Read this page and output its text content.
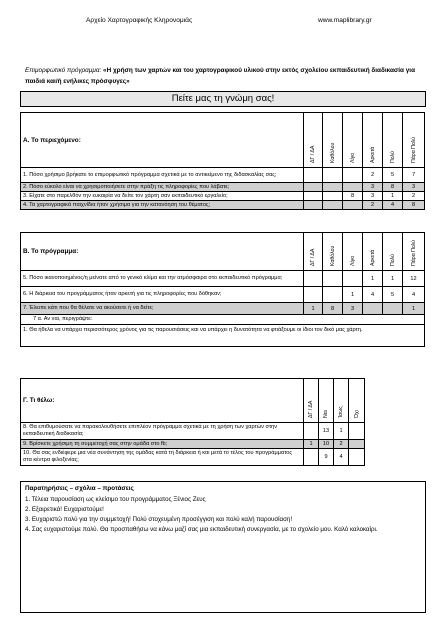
Αρχείο Χαρτογραφικής Κληρονομιάς	www.maplibrary.gr
Επιμορφωτικό πρόγραμμα: «Η χρήση των χαρτών και του χαρτογραφικού υλικού στην εκτός σχολείου εκπαιδευτική διαδικασία για παιδιά και/ή ενήλικες πρόσφυγες»
Πείτε μας τη γνώμη σας!
Α. Το περιεχόμενο:	ΔΓ / ΔΑ	Καθόλου	Λίγο	Αρκετά	Πολύ	Πάρα Πολύ

1. Πόσο χρήσιμο βρήκατε το επιμορφωτικό πρόγραμμα σχετικά με το αντικείμενο της διδασκαλίας σας;				2	5	7
2. Πόσο εύκολο είναι να χρησιμοποιήσετε στην πράξη τις πληροφορίες που λάβατε;				3	8	3
3. Είχατε στο παρελθόν την ευκαιρία να δείτε τον χάρτη σαν εκπαιδευτικό εργαλείο;			8	3	1	2
4. Τα χαρτογραφικά παιχνίδια ήταν χρήσιμα για την κατανόηση του θέματος;				2	4	8
Β. Το πρόγραμμα:	ΔΓ / ΔΑ	Καθόλου	Λίγο	Αρκετά	Πολύ	Πάρα Πολύ

5. Πόσο ικανοποιημένος/η μείνατε από το γενικό κλίμα και την ατμόσφαιρα στο εκπαιδευτικό πρόγραμμα;				1	1	12
6. Η διάρκεια του προγράμματος ήταν αρκετή για τις πληροφορίες που δόθηκαν;			1	4	5	4
7. Έλειπε κάτι που θα θέλατε να ακούσετε ή να δείτε;	1	8	3			1
7 α. Αν ναι, περιγράψτε:						
1. Θα ήθελα να υπάρχει περισσότερος χρόνος για τις παρουσιάσεις και να υπάρχει η δυνατότητα να φτιάξουμε οι ίδιοι τον δικό μας χάρτη.						
Γ. Τι θέλω:	ΔΓ / ΔΑ	Ναι	Ίσως	Όχι

8. Θα επιθυμούσατε να παρακολουθήσετε επιπλέον πρόγραμμα σχετικά με τη χρήση των χαρτών στην εκπαιδευτική διαδικασία;		13	1	
9. Βρίσκετε χρήσιμη τη συμμετοχή σας στην ομάδα στο fb;	1	10	2	
10. Θα σας ενδιέφερε μια νέα συνάντηση της ομάδας κατά τη διάρκεια ή και μετά το τέλος του προγράμματος στα κέντρα φιλοξενίας;		9	4	
Παρατηρήσεις – σχόλια – προτάσεις
1. Τέλεια παρουσίαση ως κλείσιμο του προγράμματος Ξένιος Ζευς
2. Εξαιρετικά! Ευχαριστούμε!
3. Ευχαριστώ πολύ για την συμμετοχή! Πολύ στοχευμένη προσέγγιση και πολύ καλή παρουσίαση!
4. Σας ευχαριστούμε πολύ. Θα προσπαθήσω να κάνω μαζί σας μια εκπαιδευτική συνεργασία, με το σχολείο μου. Καλό καλοκαίρι.
